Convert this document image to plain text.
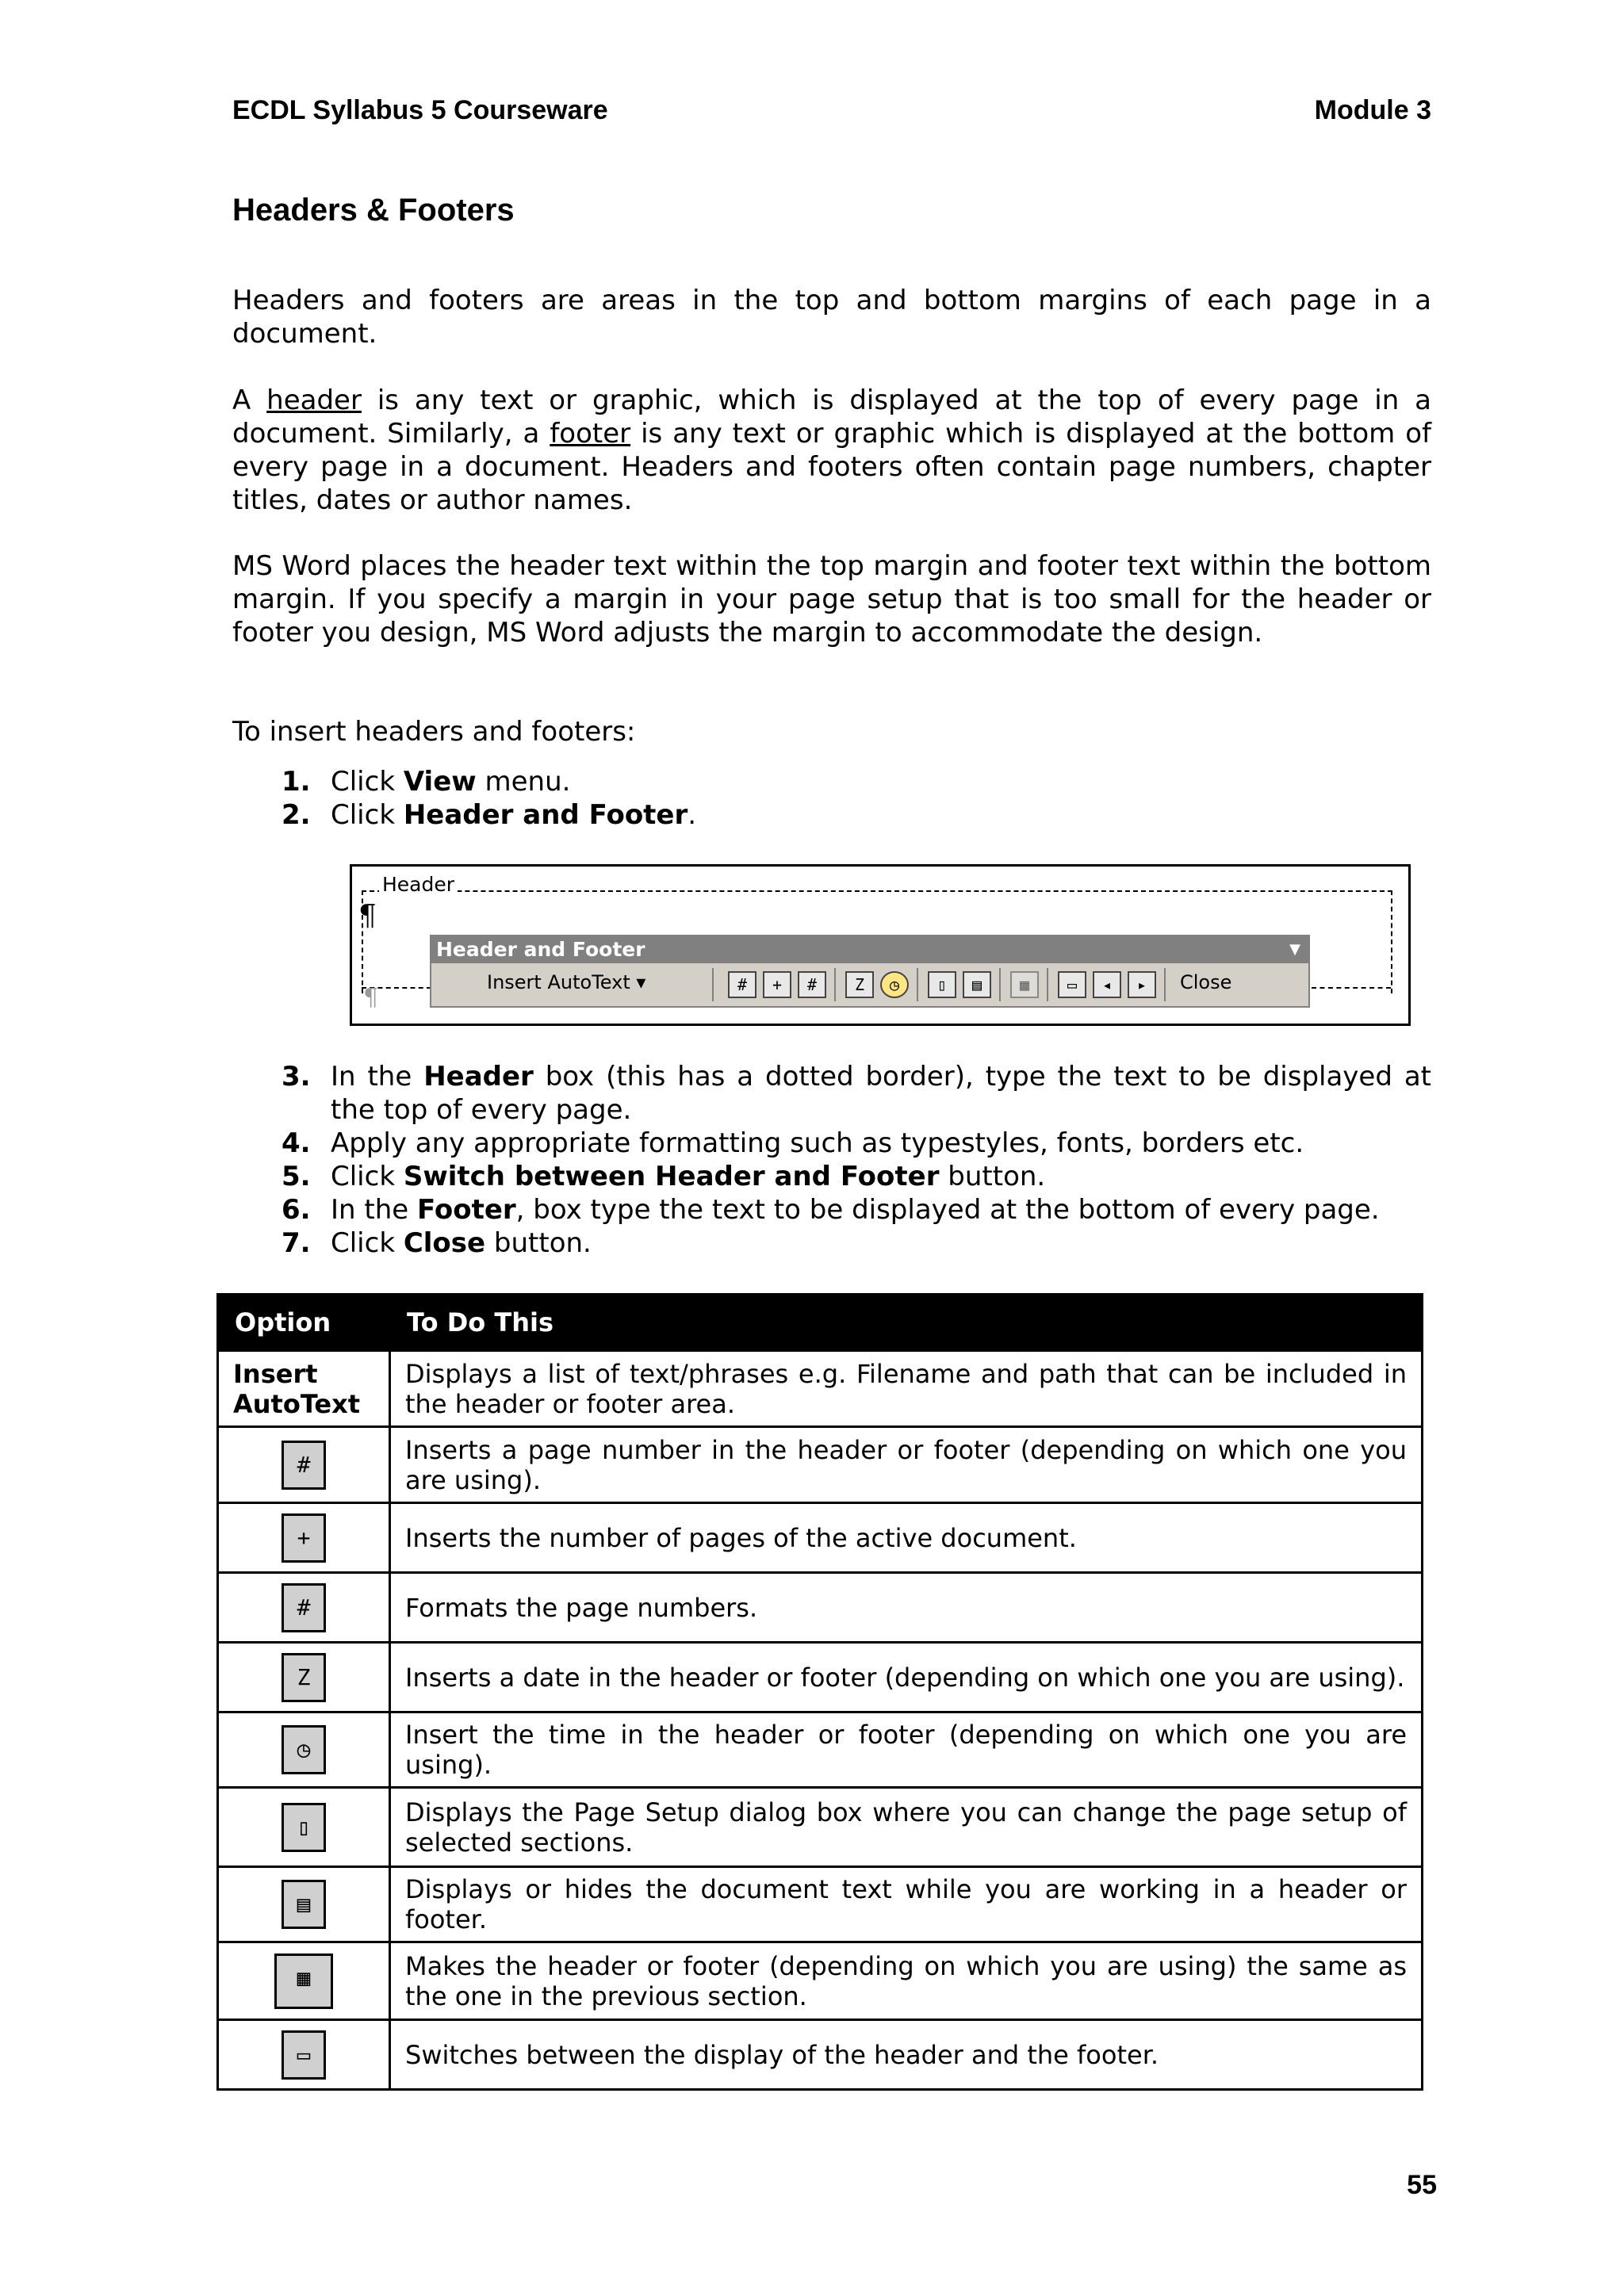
ECDL Syllabus 5 Courseware	Module 3
Headers & Footers
Headers and footers are areas in the top and bottom margins of each page in a document.
A header is any text or graphic, which is displayed at the top of every page in a document. Similarly, a footer is any text or graphic which is displayed at the bottom of every page in a document. Headers and footers often contain page numbers, chapter titles, dates or author names.
MS Word places the header text within the top margin and footer text within the bottom margin. If you specify a margin in your page setup that is too small for the header or footer you design, MS Word adjusts the margin to accommodate the design.
To insert headers and footers:
1. Click View menu.
2. Click Header and Footer.
Header
¶
¶
Header and Footer	▼
Insert AutoText ▾	#	+	#	Z	◷	▯	▤	▦	▭	◂	▸	Close
3. In the Header box (this has a dotted border), type the text to be displayed at the top of every page.
4. Apply any appropriate formatting such as typestyles, fonts, borders etc.
5. Click Switch between Header and Footer button.
6. In the Footer, box type the text to be displayed at the bottom of every page.
7. Click Close button.
Option	To Do This
Insert AutoText	Displays a list of text/phrases e.g. Filename and path that can be included in the header or footer area.
#	Inserts a page number in the header or footer (depending on which one you are using).
+	Inserts the number of pages of the active document.
#	Formats the page numbers.
Z	Inserts a date in the header or footer (depending on which one you are using).
◷	Insert the time in the header or footer (depending on which one you are using).
▯	Displays the Page Setup dialog box where you can change the page setup of selected sections.
▤	Displays or hides the document text while you are working in a header or footer.
▦	Makes the header or footer (depending on which you are using) the same as the one in the previous section.
▭	Switches between the display of the header and the footer.
55
